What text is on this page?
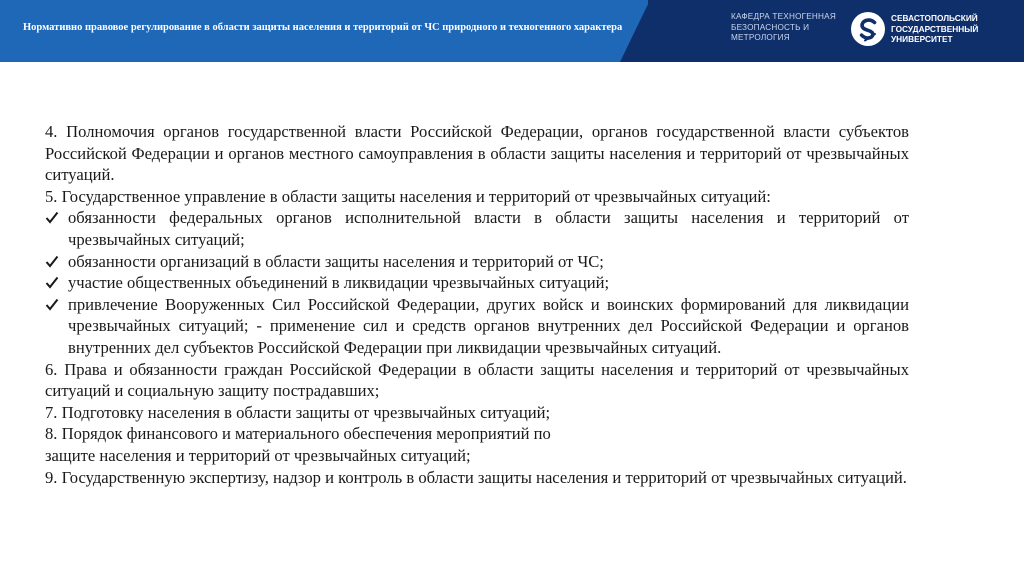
Нормативно правовое регулирование в области защиты населения и территорий от ЧС природного и техногенного характера
КАФЕДРА ТЕХНОГЕННАЯ
БЕЗОПАСНОСТЬ И
МЕТРОЛОГИЯ
СЕВАСТОПОЛЬСКИЙ
ГОСУДАРСТВЕННЫЙ
УНИВЕРСИТЕТ

4. Полномочия органов государственной власти Российской Федерации, органов государственной власти субъектов Российской Федерации и органов местного самоуправления в области защиты населения и территорий от чрезвычайных ситуаций.

5. Государственное управление в области защиты населения и территорий от чрезвычайных ситуаций:

обязанности федеральных органов исполнительной власти в области защиты населения и территорий от чрезвычайных ситуаций;
обязанности организаций в области защиты населения и территорий от ЧС;
участие общественных объединений в ликвидации чрезвычайных ситуаций;
привлечение Вооруженных Сил Российской Федерации, других войск и воинских формирований для ликвидации чрезвычайных ситуаций; - применение сил и средств органов внутренних дел Российской Федерации и органов внутренних дел субъектов Российской Федерации при ликвидации чрезвычайных ситуаций.

6. Права и обязанности граждан Российской Федерации в области защиты населения и территорий от чрезвычайных ситуаций и социальную защиту пострадавших;

7. Подготовку населения в области защиты от чрезвычайных ситуаций;

8. Порядок финансового и материального обеспечения мероприятий по

защите населения и территорий от чрезвычайных ситуаций;

9. Государственную экспертизу, надзор и контроль в области защиты населения и территорий от чрезвычайных ситуаций.
